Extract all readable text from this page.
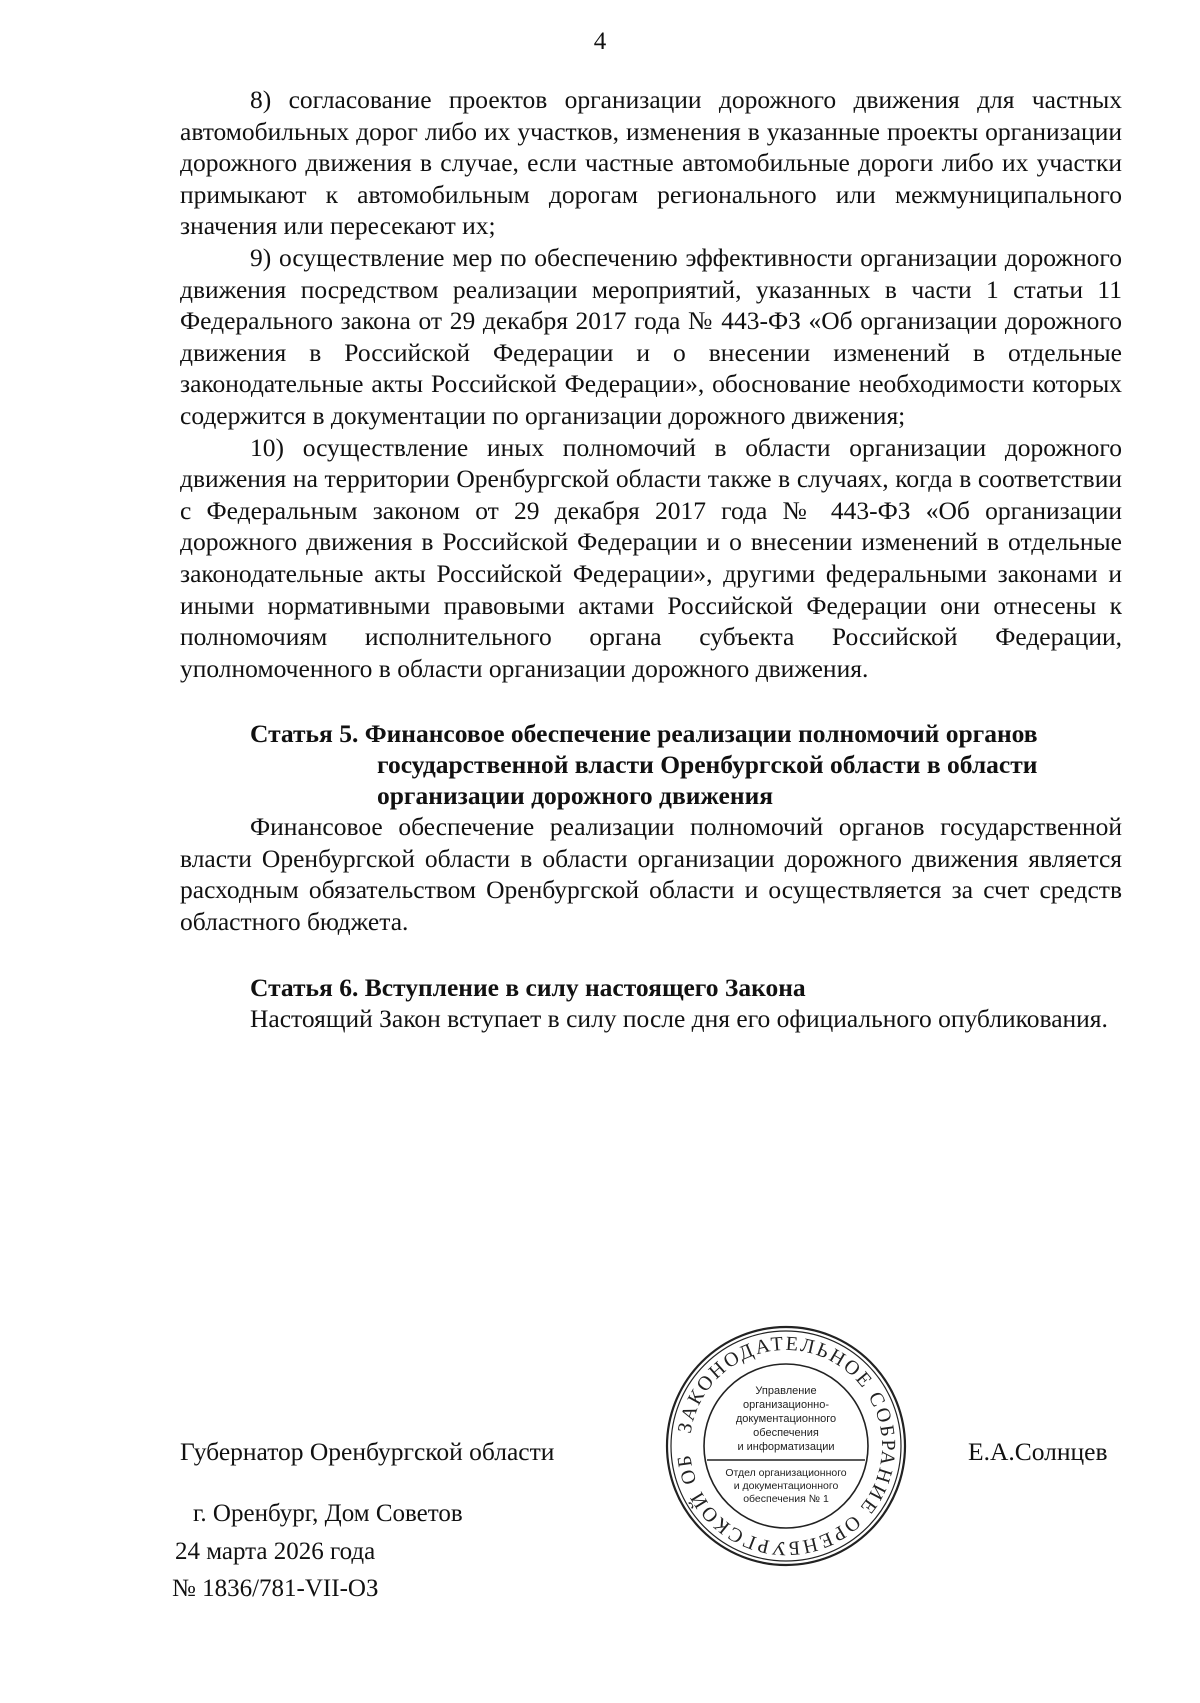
4

8) согласование проектов организации дорожного движения для частных автомобильных дорог либо их участков, изменения в указанные проекты организации дорожного движения в случае, если частные автомобильные дороги либо их участки примыкают к автомобильным дорогам регионального или межмуниципального значения или пересекают их;

9) осуществление мер по обеспечению эффективности организации дорожного движения посредством реализации мероприятий, указанных в части 1 статьи 11 Федерального закона от 29 декабря 2017 года № 443-ФЗ «Об организации дорожного движения в Российской Федерации и о внесении изменений в отдельные законодательные акты Российской Федерации», обоснование необходимости которых содержится в документации по организации дорожного движения;

10) осуществление иных полномочий в области организации дорожного движения на территории Оренбургской области также в случаях, когда в соответствии с Федеральным законом от 29 декабря 2017 года № 443-ФЗ «Об организации дорожного движения в Российской Федерации и о внесении изменений в отдельные законодательные акты Российской Федерации», другими федеральными законами и иными нормативными правовыми актами Российской Федерации они отнесены к полномочиям исполнительного органа субъекта Российской Федерации, уполномоченного в области организации дорожного движения.

Статья 5. Финансовое обеспечение реализации полномочий органов
государственной власти Оренбургской области в области
организации дорожного движения

Финансовое обеспечение реализации полномочий органов государственной власти Оренбургской области в области организации дорожного движения является расходным обязательством Оренбургской области и осуществляется за счет средств областного бюджета.

Статья 6. Вступление в силу настоящего Закона

Настоящий Закон вступает в силу после дня его официального опубликования.

Губернатор Оренбургской области	Е.А.Солнцев
г. Оренбург, Дом Советов
24 марта 2026 года
№ 1836/781-VII-ОЗ
ЗАКОНОДАТЕЛЬНОЕ СОБРАНИЕ ОРЕНБУРГСКОЙ ОБ
Управление
организационно-
документационного
обеспечения
и информатизации
Отдел организационного
и документационного
обеспечения № 1
